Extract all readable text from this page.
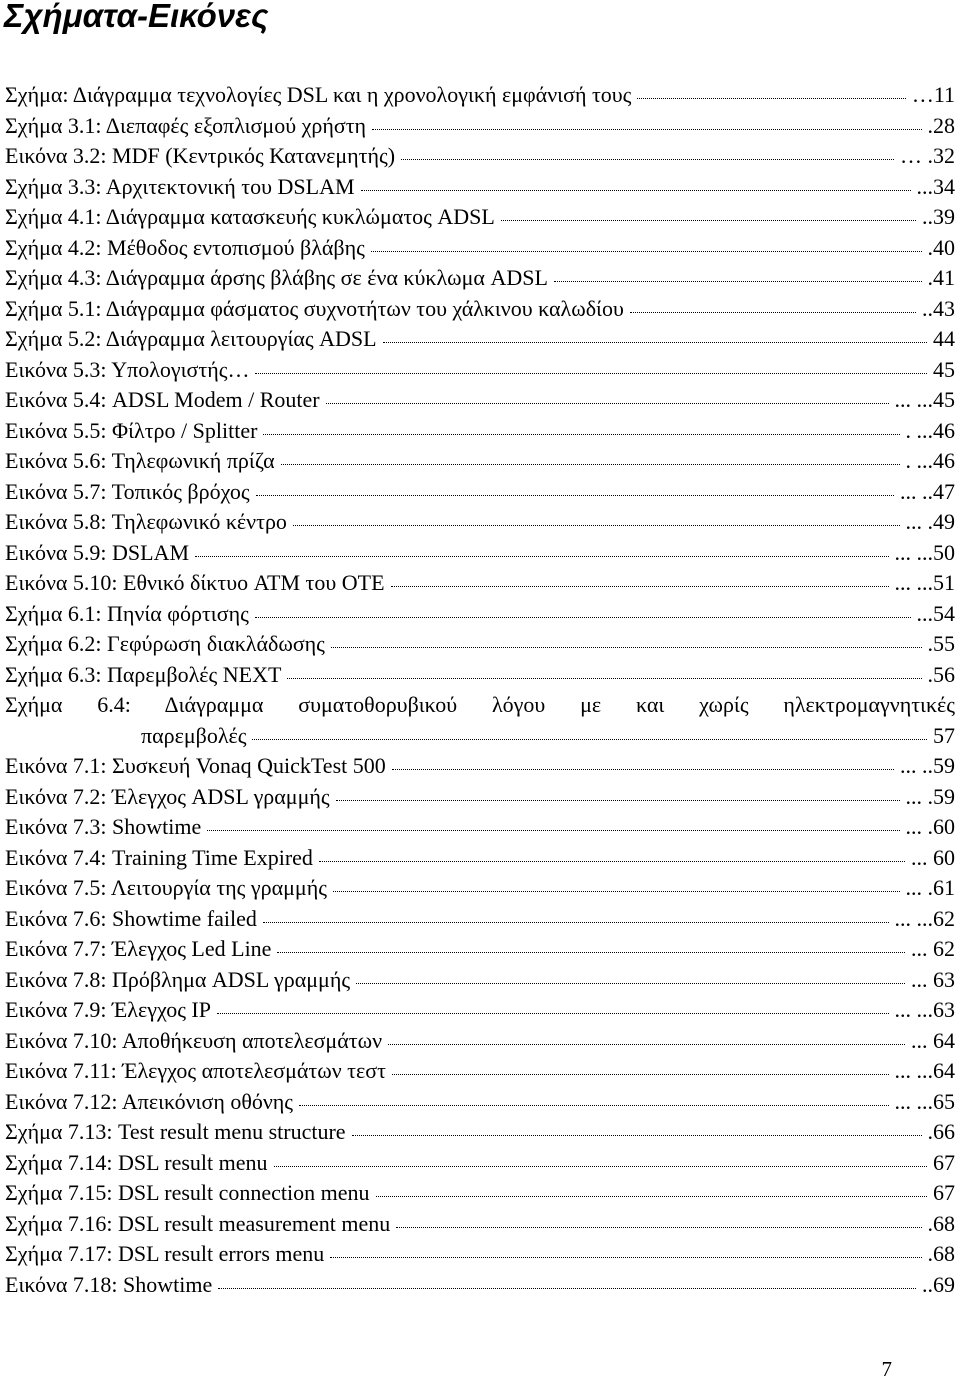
Σχήματα-Εικόνες
Σχήμα: Διάγραμμα τεχνολογίες DSL και η χρονολογική εμφάνισή τους	…11
Σχήμα 3.1: Διεπαφές εξοπλισμού χρήστη	.28
Εικόνα 3.2: MDF (Κεντρικός Κατανεμητής)	… .32
Σχήμα 3.3: Αρχιτεκτονική του DSLAM	...34
Σχήμα 4.1: Διάγραμμα κατασκευής κυκλώματος ADSL	..39
Σχήμα 4.2: Μέθοδος εντοπισμού βλάβης	.40
Σχήμα 4.3: Διάγραμμα άρσης βλάβης σε ένα κύκλωμα ADSL	.41
Σχήμα 5.1: Διάγραμμα φάσματος συχνοτήτων του χάλκινου καλωδίου	..43
Σχήμα 5.2: Διάγραμμα λειτουργίας ADSL	44
Εικόνα 5.3: Υπολογιστής…	45
Εικόνα 5.4: ADSL Modem / Router	... ...45
Εικόνα 5.5: Φίλτρο / Splitter	. ...46
Εικόνα 5.6: Τηλεφωνική πρίζα	. ...46
Εικόνα 5.7: Τοπικός βρόχος	... ..47
Εικόνα 5.8: Τηλεφωνικό κέντρο	... .49
Εικόνα 5.9: DSLAM	... ...50
Εικόνα 5.10: Εθνικό δίκτυο ATM του ΟΤΕ	... ...51
Σχήμα 6.1: Πηνία φόρτισης	...54
Σχήμα 6.2: Γεφύρωση διακλάδωσης	.55
Σχήμα 6.3: Παρεμβολές NEXT	.56
Σχήμα 6.4: Διάγραμμα συματοθορυβικού λόγου με και χωρίς ηλεκτρομαγνητικές
παρεμβολές	57
Εικόνα 7.1: Συσκευή Vonaq QuickTest 500	... ..59
Εικόνα 7.2: Έλεγχος ADSL γραμμής	... .59
Εικόνα 7.3: Showtime	... .60
Εικόνα 7.4: Training Time Expired	... 60
Εικόνα 7.5: Λειτουργία της γραμμής	... .61
Εικόνα 7.6: Showtime failed	... ...62
Εικόνα 7.7: Έλεγχος Led Line	... 62
Εικόνα 7.8: Πρόβλημα ADSL γραμμής	... 63
Εικόνα 7.9: Έλεγχος IP	... ...63
Εικόνα 7.10: Αποθήκευση αποτελεσμάτων	... 64
Εικόνα 7.11: Έλεγχος αποτελεσμάτων τεστ	... ...64
Εικόνα 7.12: Απεικόνιση οθόνης	... ...65
Σχήμα 7.13: Test result menu structure	.66
Σχήμα 7.14: DSL result menu	67
Σχήμα 7.15: DSL result connection menu	67
Σχήμα 7.16: DSL result measurement menu	.68
Σχήμα 7.17: DSL result errors menu	.68
Εικόνα 7.18: Showtime	..69
7
